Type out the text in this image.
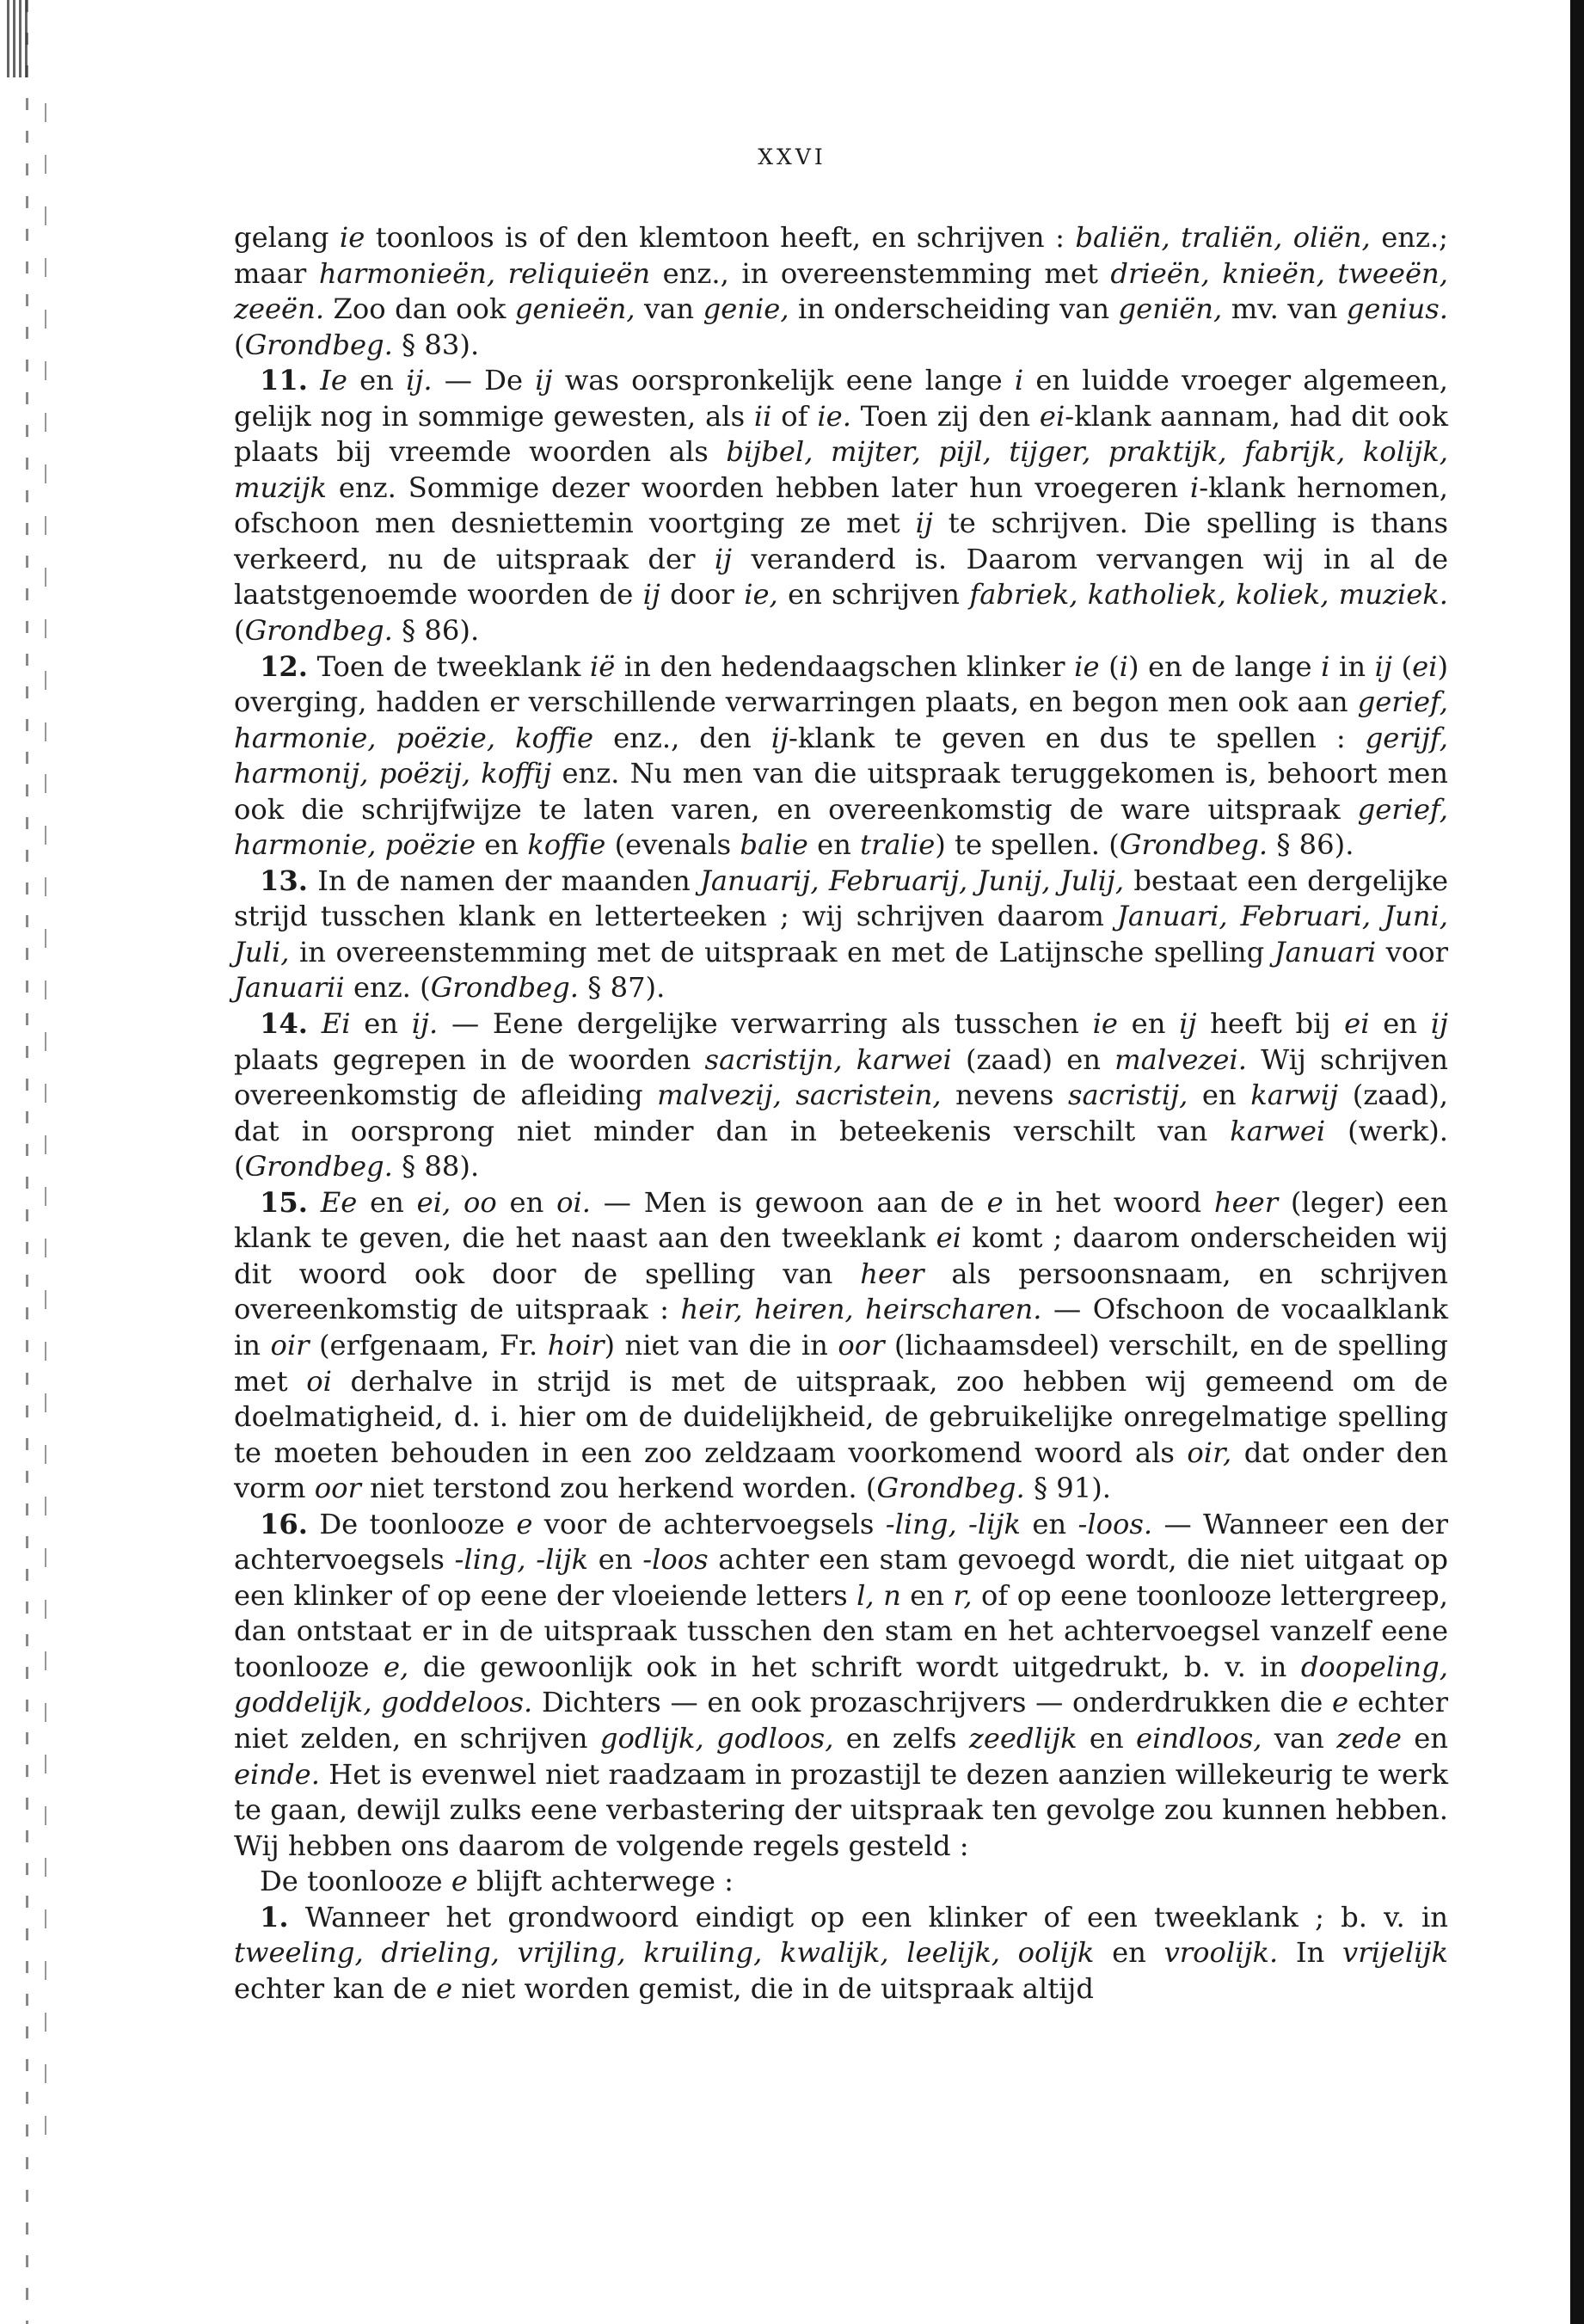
XXVI

gelang ie toonloos is of den klemtoon heeft, en schrijven : baliën, traliën, oliën, enz.; maar harmonieën, reliquieën enz., in overeenstemming met drieën, knieën, tweeën, zeeën. Zoo dan ook genieën, van genie, in onderscheiding van geniën, mv. van genius. (Grondbeg. § 83).

11. Ie en ij. — De ij was oorspronkelijk eene lange i en luidde vroeger algemeen, gelijk nog in sommige gewesten, als ii of ie. Toen zij den ei-klank aannam, had dit ook plaats bij vreemde woorden als bijbel, mijter, pijl, tijger, praktijk, fabrijk, kolijk, muzijk enz. Sommige dezer woorden hebben later hun vroegeren i-klank hernomen, ofschoon men desniettemin voortging ze met ij te schrijven. Die spelling is thans verkeerd, nu de uitspraak der ij veranderd is. Daarom vervangen wij in al de laatstgenoemde woorden de ij door ie, en schrijven fabriek, katholiek, koliek, muziek. (Grondbeg. § 86).

12. Toen de tweeklank ië in den hedendaagschen klinker ie (i) en de lange i in ij (ei) overging, hadden er verschillende verwarringen plaats, en begon men ook aan gerief, harmonie, poëzie, koffie enz., den ij-klank te geven en dus te spellen : gerijf, harmonij, poëzij, koffij enz. Nu men van die uitspraak teruggekomen is, behoort men ook die schrijfwijze te laten varen, en overeenkomstig de ware uitspraak gerief, harmonie, poëzie en koffie (evenals balie en tralie) te spellen. (Grondbeg. § 86).

13. In de namen der maanden Januarij, Februarij, Junij, Julij, bestaat een dergelijke strijd tusschen klank en letterteeken ; wij schrijven daarom Januari, Februari, Juni, Juli, in overeenstemming met de uitspraak en met de Latijnsche spelling Januari voor Januarii enz. (Grondbeg. § 87).

14. Ei en ij. — Eene dergelijke verwarring als tusschen ie en ij heeft bij ei en ij plaats gegrepen in de woorden sacristijn, karwei (zaad) en malvezei. Wij schrijven overeenkomstig de afleiding malvezij, sacristein, nevens sacristij, en karwij (zaad), dat in oorsprong niet minder dan in beteekenis verschilt van karwei (werk). (Grondbeg. § 88).

15. Ee en ei, oo en oi. — Men is gewoon aan de e in het woord heer (leger) een klank te geven, die het naast aan den tweeklank ei komt ; daarom onderscheiden wij dit woord ook door de spelling van heer als persoonsnaam, en schrijven overeenkomstig de uitspraak : heir, heiren, heirscharen. — Ofschoon de vocaalklank in oir (erfgenaam, Fr. hoir) niet van die in oor (lichaamsdeel) verschilt, en de spelling met oi derhalve in strijd is met de uitspraak, zoo hebben wij gemeend om de doelmatigheid, d. i. hier om de duidelijkheid, de gebruikelijke onregelmatige spelling te moeten behouden in een zoo zeldzaam voorkomend woord als oir, dat onder den vorm oor niet terstond zou herkend worden. (Grondbeg. § 91).

16. De toonlooze e voor de achtervoegsels -ling, -lijk en -loos. — Wanneer een der achtervoegsels -ling, -lijk en -loos achter een stam gevoegd wordt, die niet uitgaat op een klinker of op eene der vloeiende letters l, n en r, of op eene toonlooze lettergreep, dan ontstaat er in de uitspraak tusschen den stam en het achtervoegsel vanzelf eene toonlooze e, die gewoonlijk ook in het schrift wordt uitgedrukt, b. v. in doopeling, goddelijk, goddeloos. Dichters — en ook prozaschrijvers — onderdrukken die e echter niet zelden, en schrijven godlijk, godloos, en zelfs zeedlijk en eindloos, van zede en einde. Het is evenwel niet raadzaam in prozastijl te dezen aanzien willekeurig te werk te gaan, dewijl zulks eene verbastering der uitspraak ten gevolge zou kunnen hebben. Wij hebben ons daarom de volgende regels gesteld :

De toonlooze e blijft achterwege :

1. Wanneer het grondwoord eindigt op een klinker of een tweeklank ; b. v. in tweeling, drieling, vrijling, kruiling, kwalijk, leelijk, oolijk en vroolijk. In vrijelijk echter kan de e niet worden gemist, die in de uitspraak altijd
